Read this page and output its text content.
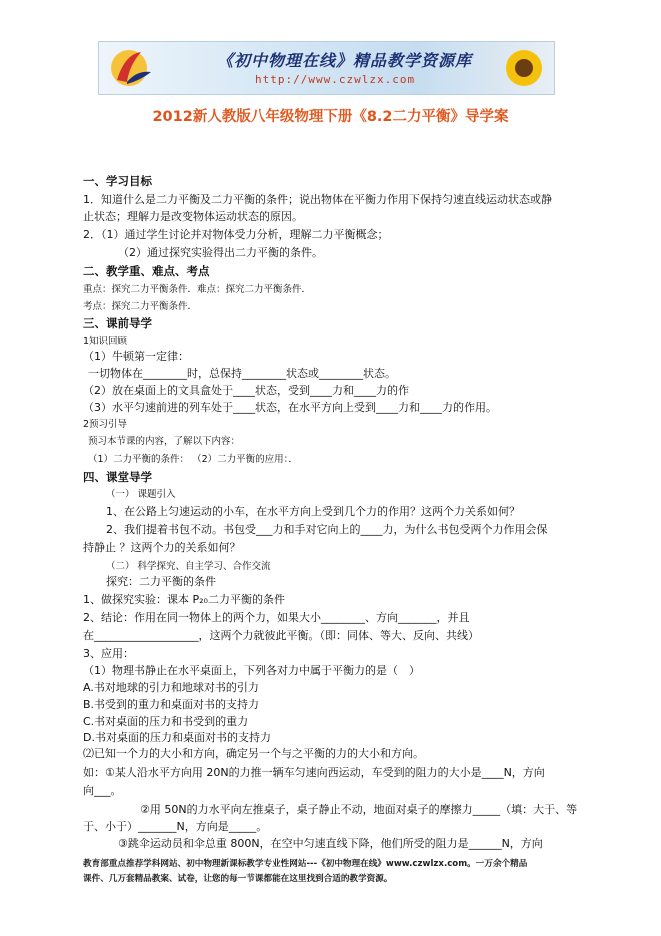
《初中物理在线》精品教学资源库
http://www.czwlzx.com
2012新人教版八年级物理下册《8.2二力平衡》导学案
一、学习目标
1．知道什么是二力平衡及二力平衡的条件；说出物体在平衡力作用下保持匀速直线运动状态或静
止状态；理解力是改变物体运动状态的原因。
2．（1）通过学生讨论并对物体受力分析，理解二力平衡概念；
（2）通过探究实验得出二力平衡的条件。
二、教学重、难点、考点
重点：探究二力平衡条件．难点：探究二力平衡条件．
考点：探究二力平衡条件．
三、课前导学
1知识回顾
（1）牛顿第一定律：
一切物体在________时，总保持________状态或________状态。
（2）放在桌面上的文具盒处于____状态，受到____力和____力的作
（3）水平匀速前进的列车处于____状态，在水平方向上受到____力和____力的作用。
2预习引导
预习本节课的内容，了解以下内容：
（1）二力平衡的条件： （2）二力平衡的应用：．
四、课堂导学
（一） 课题引入
1、在公路上匀速运动的小车，在水平方向上受到几个力的作用？这两个力关系如何？
2、我们提着书包不动。书包受___力和手对它向上的____力，为什么书包受两个力作用会保
持静止 ？这两个力的关系如何？
（二） 科学探究、自主学习、合作交流
探究：二力平衡的条件
1、做探究实验：课本 P₂₀二力平衡的条件
2、结论：作用在同一物体上的两个力，如果大小________、方向_______，并且
在___________________，这两个力就彼此平衡。（即：同体、等大、反向、共线）
3、应用：
（1）物理书静止在水平桌面上，下列各对力中属于平衡力的是（　）
A.书对地球的引力和地球对书的引力
B.书受到的重力和桌面对书的支持力
C.书对桌面的压力和书受到的重力
D.书对桌面的压力和桌面对书的支持力
⑵已知一个力的大小和方向，确定另一个与之平衡的力的大小和方向。
如：①某人沿水平方向用 20N的力推一辆车匀速向西运动，车受到的阻力的大小是____N，方向
向___。
②用 50N的力水平向左推桌子，桌子静止不动，地面对桌子的摩擦力_____（填：大于、等
于、小于）_______N，方向是_____。
③跳伞运动员和伞总重 800N，在空中匀速直线下降，他们所受的阻力是______N，方向
教育部重点推荐学科网站、初中物理新课标教学专业性网站---《初中物理在线》www.czwlzx.com。一万余个精品
课件、几万套精品教案、试卷，让您的每一节课都能在这里找到合适的教学资源。
